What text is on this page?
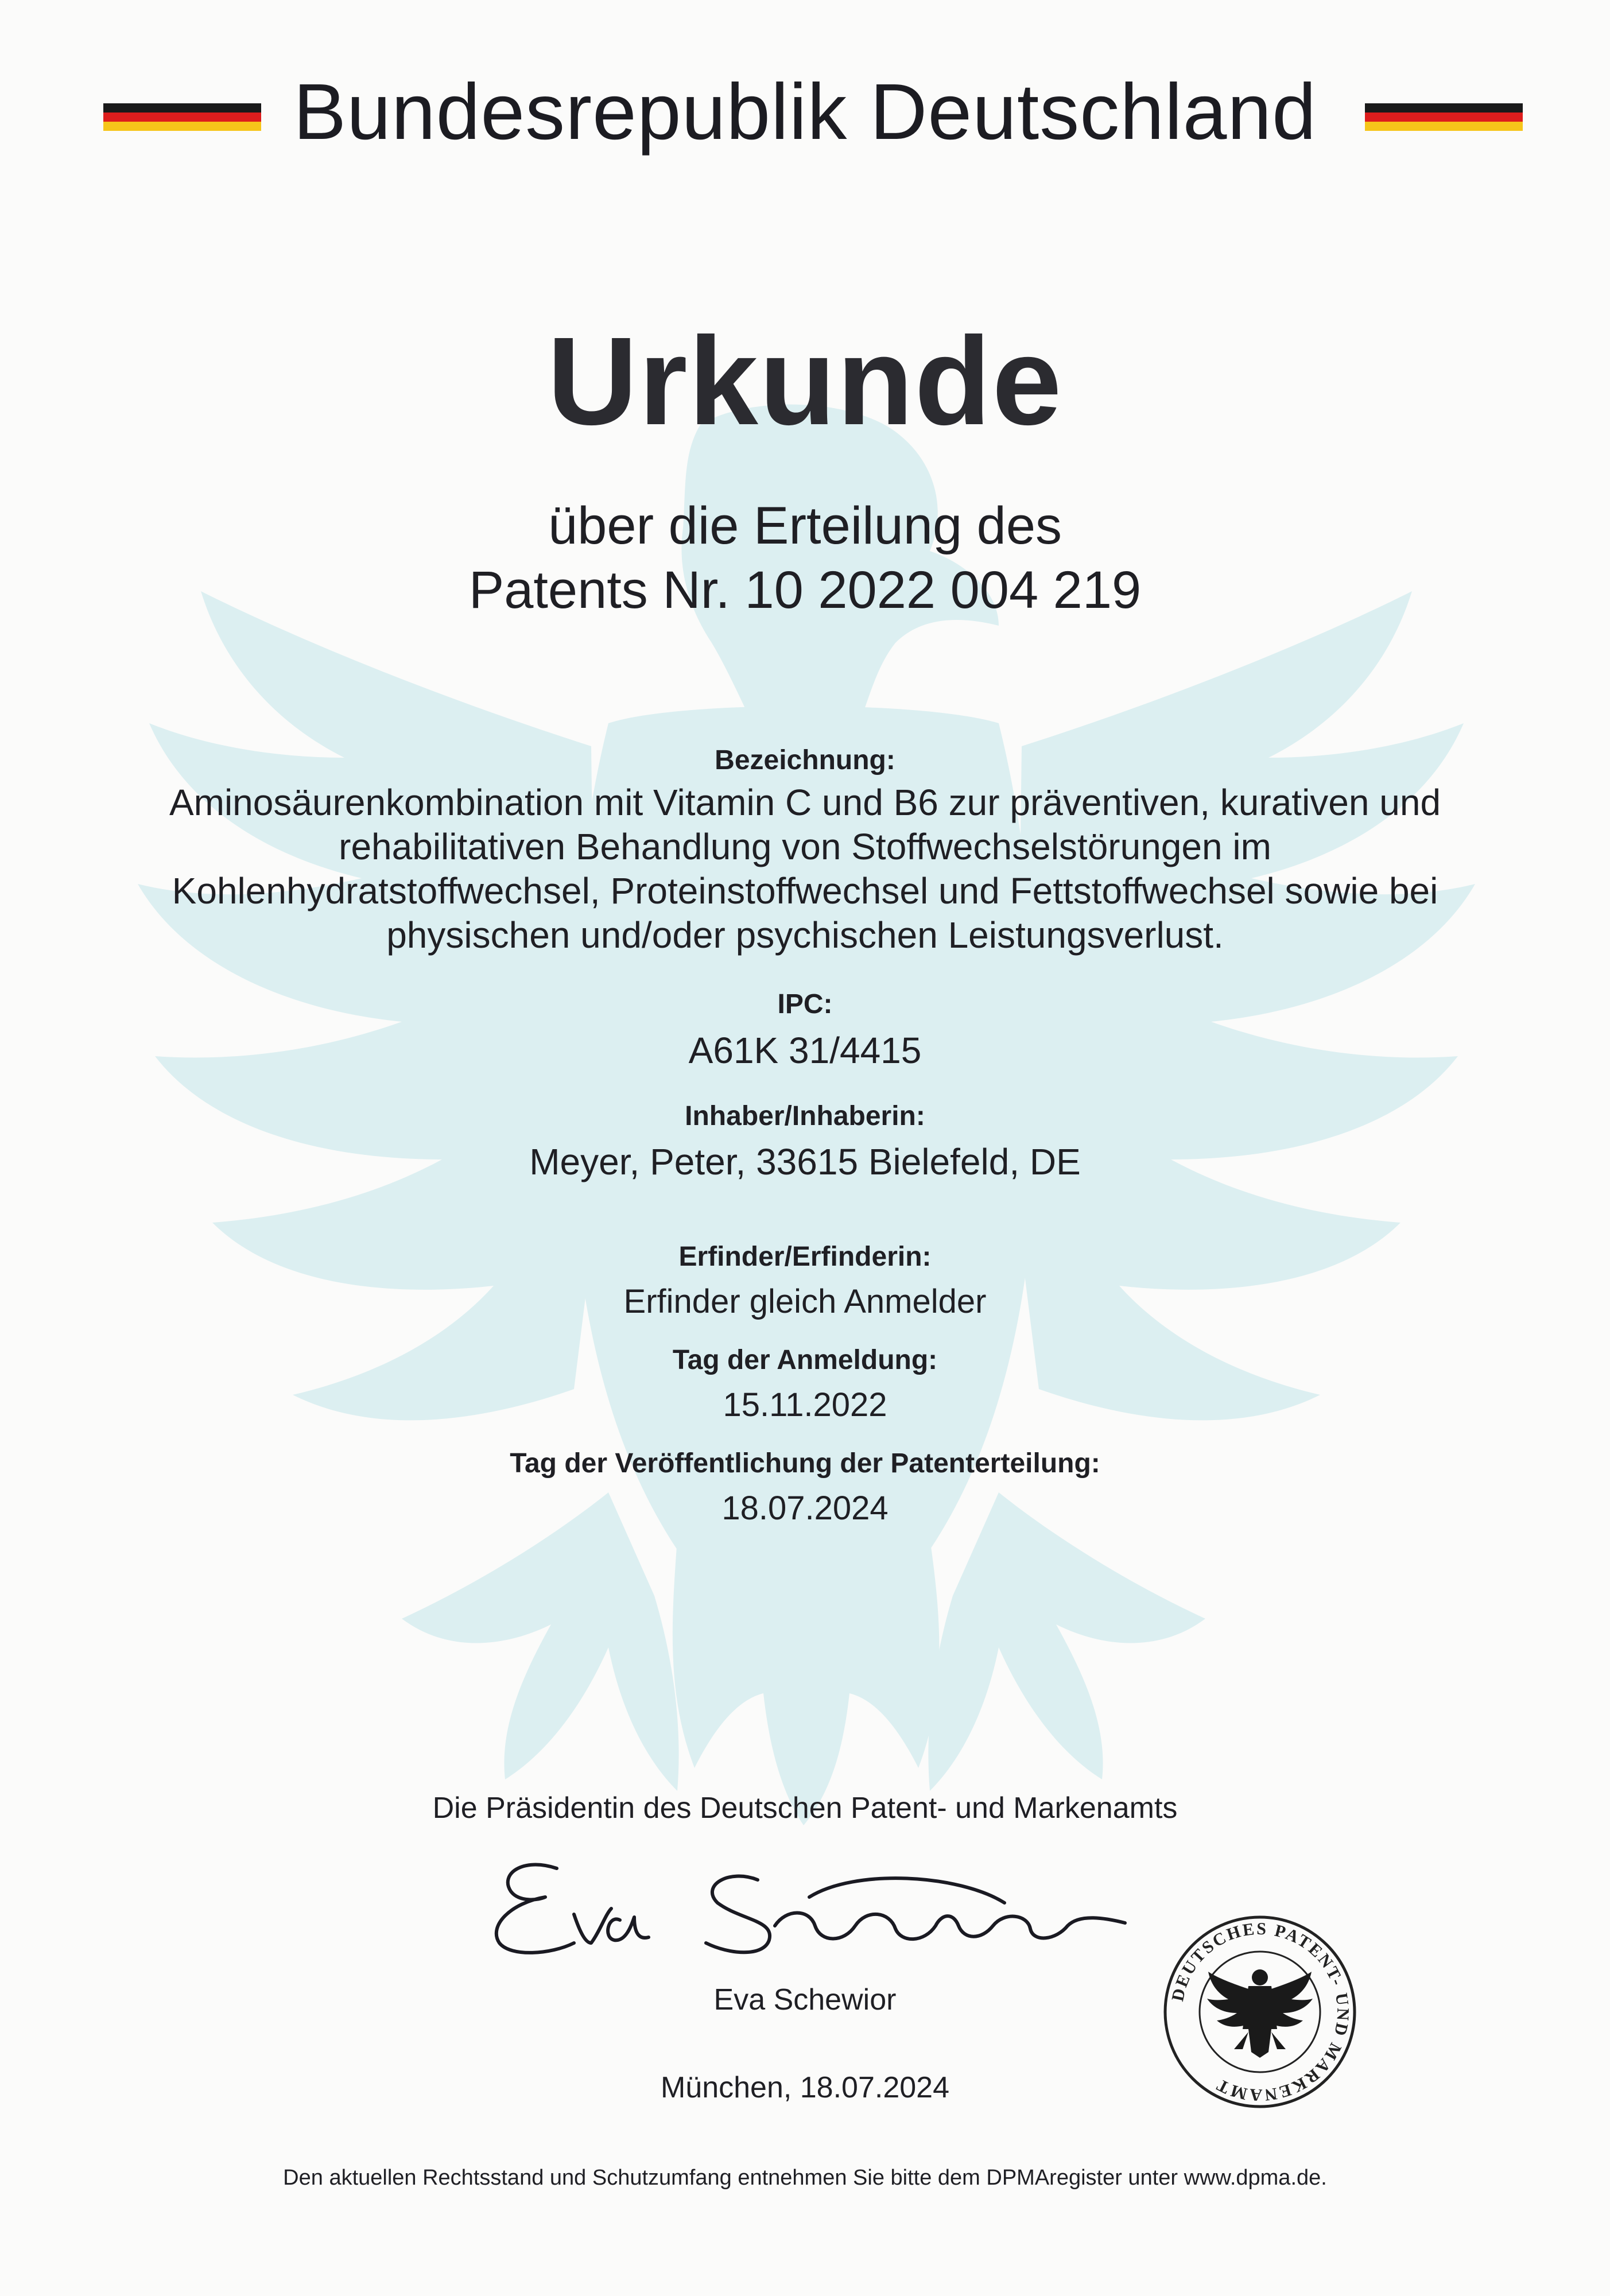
Bundesrepublik Deutschland
Urkunde
über die Erteilung des
Patents Nr. 10 2022 004 219
Bezeichnung:
Aminosäurenkombination mit Vitamin C und B6 zur präventiven, kurativen und
rehabilitativen Behandlung von Stoffwechselstörungen im
Kohlenhydratstoffwechsel, Proteinstoffwechsel und Fettstoffwechsel sowie bei
physischen und/oder psychischen Leistungsverlust.
IPC:
A61K 31/4415
Inhaber/Inhaberin:
Meyer, Peter, 33615 Bielefeld, DE
Erfinder/Erfinderin:
Erfinder gleich Anmelder
Tag der Anmeldung:
15.11.2022
Tag der Veröffentlichung der Patenterteilung:
18.07.2024
Die Präsidentin des Deutschen Patent- und Markenamts
Eva Schewior
München, 18.07.2024
DEUTSCHES PATENT- UND MARKENAMT
Den aktuellen Rechtsstand und Schutzumfang entnehmen Sie bitte dem DPMAregister unter www.dpma.de.
